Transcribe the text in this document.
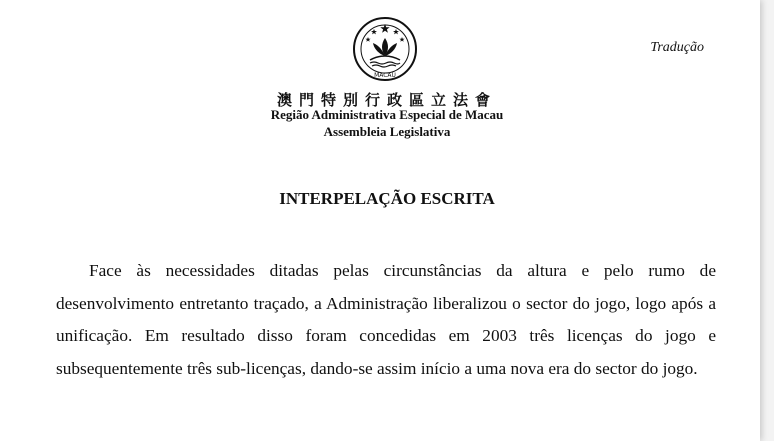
MACAU
Tradução
澳門特別行政區立法會
Região Administrativa Especial de Macau
Assembleia Legislativa
INTERPELAÇÃO ESCRITA

Face às necessidades ditadas pelas circunstâncias da altura e pelo rumo de desenvolvimento entretanto traçado, a Administração liberalizou o sector do jogo, logo após a unificação. Em resultado disso foram concedidas em 2003 três licenças do jogo e subsequentemente três sub-licenças, dando-se assim início a uma nova era do sector do jogo.
